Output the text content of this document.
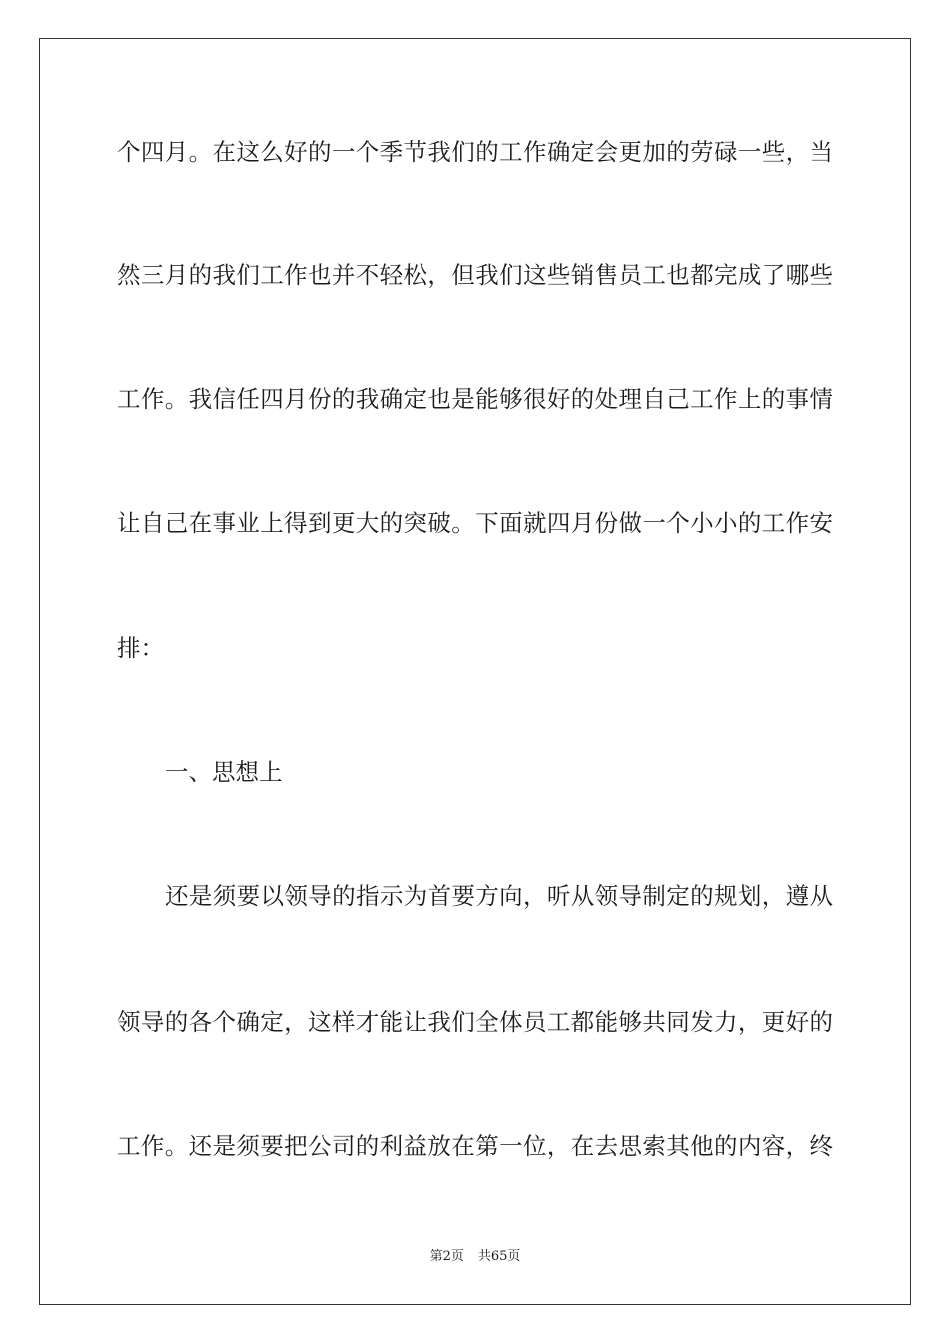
个四月。在这么好的一个季节我们的工作确定会更加的劳碌一些，当
然三月的我们工作也并不轻松，但我们这些销售员工也都完成了哪些
工作。我信任四月份的我确定也是能够很好的处理自己工作上的事情
让自己在事业上得到更大的突破。下面就四月份做一个小小的工作安
排：
一、思想上
还是须要以领导的指示为首要方向，听从领导制定的规划，遵从
领导的各个确定，这样才能让我们全体员工都能够共同发力，更好的
工作。还是须要把公司的利益放在第一位，在去思索其他的内容，终
第2页 共65页
